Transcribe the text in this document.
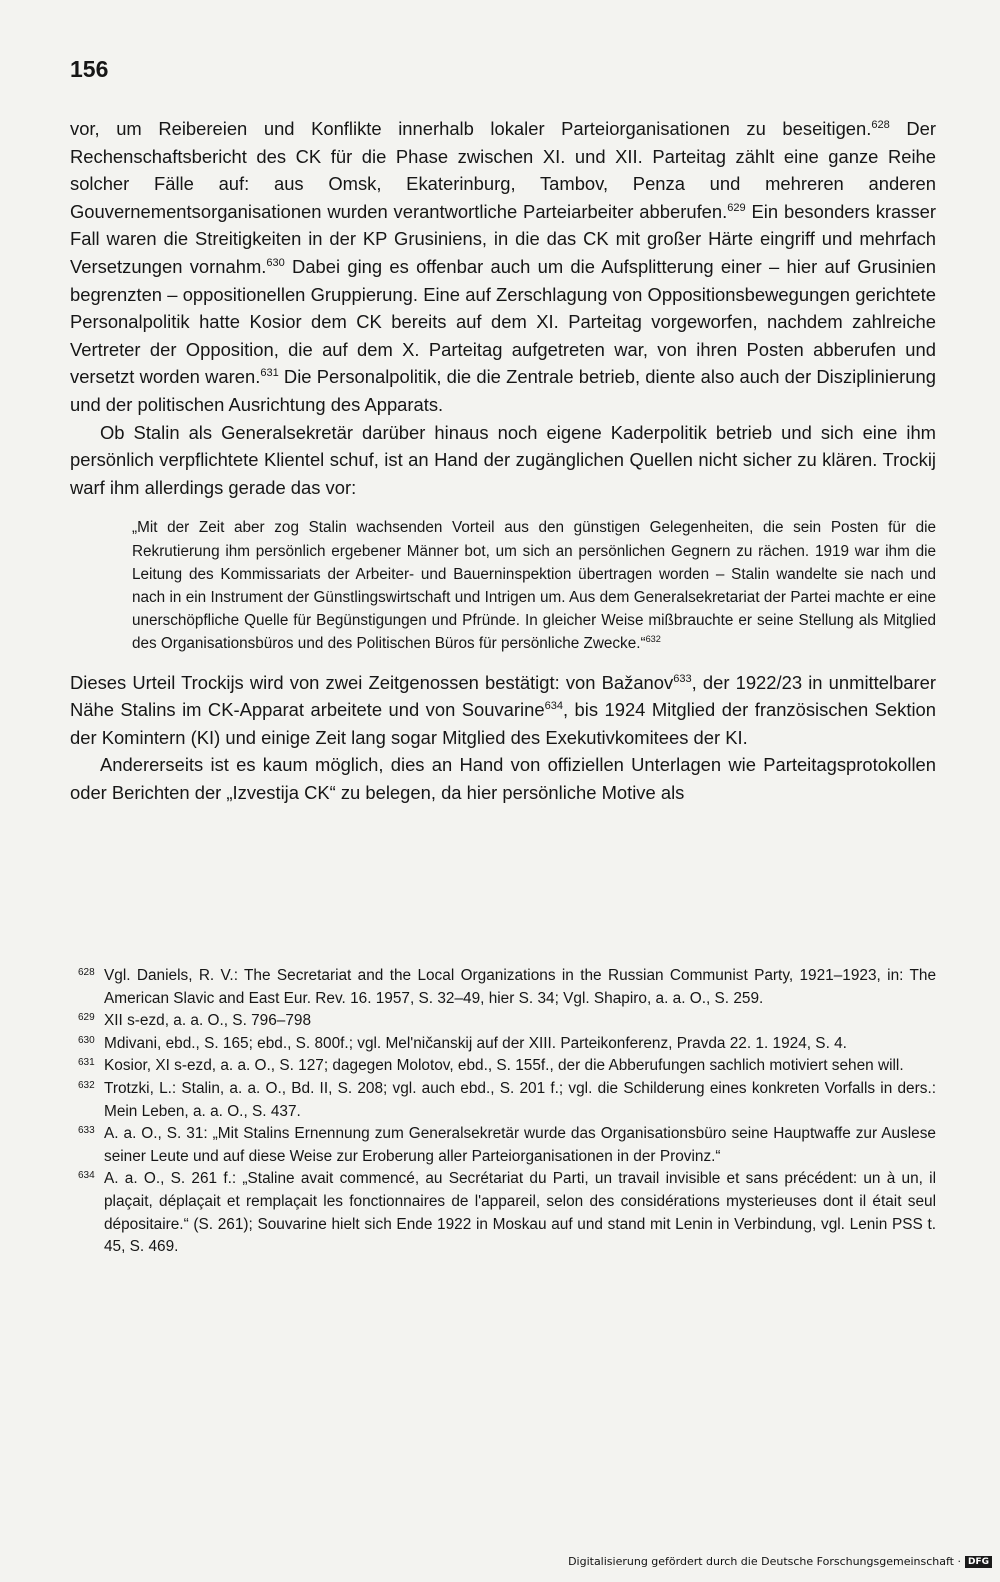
156

vor, um Reibereien und Konflikte innerhalb lokaler Parteiorganisationen zu beseitigen.$^{628}$ Der Rechenschaftsbericht des CK für die Phase zwischen XI. und XII. Parteitag zählt eine ganze Reihe solcher Fälle auf: aus Omsk, Ekaterinburg, Tambov, Penza und mehreren anderen Gouvernementsorganisationen wurden verantwortliche Parteiarbeiter abberufen.$^{629}$ Ein besonders krasser Fall waren die Streitigkeiten in der KP Grusiniens, in die das CK mit großer Härte eingriff und mehrfach Versetzungen vornahm.$^{630}$ Dabei ging es offenbar auch um die Aufsplitterung einer – hier auf Grusinien begrenzten – oppositionellen Gruppierung. Eine auf Zerschlagung von Oppositionsbewegungen gerichtete Personalpolitik hatte Kosior dem CK bereits auf dem XI. Parteitag vorgeworfen, nachdem zahlreiche Vertreter der Opposition, die auf dem X. Parteitag aufgetreten war, von ihren Posten abberufen und versetzt worden waren.$^{631}$ Die Personalpolitik, die die Zentrale betrieb, diente also auch der Disziplinierung und der politischen Ausrichtung des Apparats.

Ob Stalin als Generalsekretär darüber hinaus noch eigene Kaderpolitik betrieb und sich eine ihm persönlich verpflichtete Klientel schuf, ist an Hand der zugänglichen Quellen nicht sicher zu klären. Trockij warf ihm allerdings gerade das vor:

„Mit der Zeit aber zog Stalin wachsenden Vorteil aus den günstigen Gelegenheiten, die sein Posten für die Rekrutierung ihm persönlich ergebener Männer bot, um sich an persönlichen Gegnern zu rächen. 1919 war ihm die Leitung des Kommissariats der Arbeiter- und Bauerninspektion übertragen worden – Stalin wandelte sie nach und nach in ein Instrument der Günstlingswirtschaft und Intrigen um. Aus dem Generalsekretariat der Partei machte er eine unerschöpfliche Quelle für Begünstigungen und Pfründe. In gleicher Weise mißbrauchte er seine Stellung als Mitglied des Organisationsbüros und des Politischen Büros für persönliche Zwecke.“$^{632}$

Dieses Urteil Trockijs wird von zwei Zeitgenossen bestätigt: von Bažanov$^{633}$, der 1922/23 in unmittelbarer Nähe Stalins im CK-Apparat arbeitete und von Souvarine$^{634}$, bis 1924 Mitglied der französischen Sektion der Komintern (KI) und einige Zeit lang sogar Mitglied des Exekutivkomitees der KI.

Andererseits ist es kaum möglich, dies an Hand von offiziellen Unterlagen wie Parteitagsprotokollen oder Berichten der „Izvestija CK“ zu belegen, da hier persönliche Motive als

628 Vgl. Daniels, R. V.: The Secretariat and the Local Organizations in the Russian Communist Party, 1921–1923, in: The American Slavic and East Eur. Rev. 16. 1957, S. 32–49, hier S. 34; Vgl. Shapiro, a. a. O., S. 259.

629 XII s-ezd, a. a. O., S. 796–798

630 Mdivani, ebd., S. 165; ebd., S. 800f.; vgl. Mel'ničanskij auf der XIII. Parteikonferenz, Pravda 22. 1. 1924, S. 4.

631 Kosior, XI s-ezd, a. a. O., S. 127; dagegen Molotov, ebd., S. 155f., der die Abberufungen sachlich motiviert sehen will.

632 Trotzki, L.: Stalin, a. a. O., Bd. II, S. 208; vgl. auch ebd., S. 201 f.; vgl. die Schilderung eines konkreten Vorfalls in ders.: Mein Leben, a. a. O., S. 437.

633 A. a. O., S. 31: „Mit Stalins Ernennung zum Generalsekretär wurde das Organisationsbüro seine Hauptwaffe zur Auslese seiner Leute und auf diese Weise zur Eroberung aller Parteiorganisationen in der Provinz.“

634 A. a. O., S. 261 f.: „Staline avait commencé, au Secrétariat du Parti, un travail invisible et sans précédent: un à un, il plaçait, déplaçait et remplaçait les fonctionnaires de l'appareil, selon des considérations mysterieuses dont il était seul dépositaire.“ (S. 261); Souvarine hielt sich Ende 1922 in Moskau auf und stand mit Lenin in Verbindung, vgl. Lenin PSS t. 45, S. 469.

Digitalisierung gefördert durch die Deutsche Forschungsgemeinschaft · DFG
